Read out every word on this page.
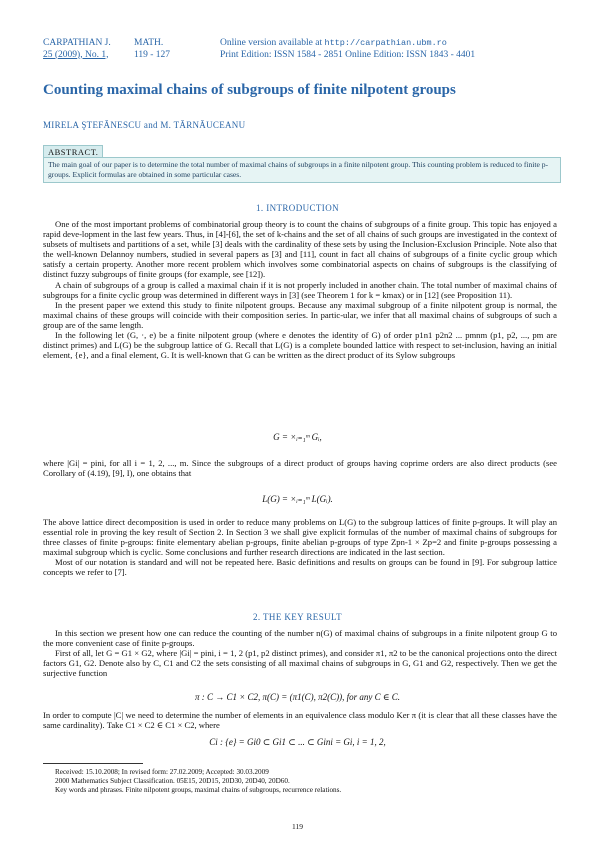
CARPATHIAN J.	MATH.
25 (2009), No. 1,	119 - 127
Online version available at http://carpathian.ubm.ro
Print Edition: ISSN 1584 - 2851 Online Edition: ISSN 1843 - 4401
Counting maximal chains of subgroups of finite nilpotent groups
MIRELA ŞTEFĂNESCU and M. TĂRNĂUCEANU
ABSTRACT.
The main goal of our paper is to determine the total number of maximal chains of subgroups in a finite nilpotent group. This counting problem is reduced to finite p-groups. Explicit formulas are obtained in some particular cases.
1. INTRODUCTION

One of the most important problems of combinatorial group theory is to count the chains of subgroups of a finite group. This topic has enjoyed a rapid deve-lopment in the last few years. Thus, in [4]-[6], the set of k-chains and the set of all chains of such groups are investigated in the context of subsets of multisets and partitions of a set, while [3] deals with the cardinality of these sets by using the Inclusion-Exclusion Principle. Note also that the well-known Delannoy numbers, studied in several papers as [3] and [11], count in fact all chains of subgroups of a finite cyclic group which satisfy a certain property. Another more recent problem which involves some combinatorial aspects on chains of subgroups is the classifying of distinct fuzzy subgroups of finite groups (for example, see [12]).

A chain of subgroups of a group is called a maximal chain if it is not properly included in another chain. The total number of maximal chains of subgroups for a finite cyclic group was determined in different ways in [3] (see Theorem 1 for k = kmax) or in [12] (see Proposition 11).

In the present paper we extend this study to finite nilpotent groups. Because any maximal subgroup of a finite nilpotent group is normal, the maximal chains of these groups will coincide with their composition series. In partic-ular, we infer that all maximal chains of subgroups of such a group are of the same length.

In the following let (G, ·, e) be a finite nilpotent group (where e denotes the identity of G) of order p1n1 p2n2 ... pmnm (p1, p2, ..., pm are distinct primes) and L(G) be the subgroup lattice of G. Recall that L(G) is a complete bounded lattice with respect to set-inclusion, having an initial element, {e}, and a final element, G. It is well-known that G can be written as the direct product of its Sylow subgroups

G = ×ᵢ₌₁ᵐ Gᵢ,

where |Gi| = pini, for all i = 1, 2, ..., m. Since the subgroups of a direct product of groups having coprime orders are also direct products (see Corollary of (4.19), [9], I), one obtains that

L(G) = ×ᵢ₌₁ᵐ L(Gᵢ).

The above lattice direct decomposition is used in order to reduce many problems on L(G) to the subgroup lattices of finite p-groups. It will play an essential role in proving the key result of Section 2. In Section 3 we shall give explicit formulas of the number of maximal chains of subgroups for three classes of finite p-groups: finite elementary abelian p-groups, finite abelian p-groups of type Zpn-1 × Zp=2 and finite p-groups possessing a maximal subgroup which is cyclic. Some conclusions and further research directions are indicated in the last section.

Most of our notation is standard and will not be repeated here. Basic definitions and results on groups can be found in [9]. For subgroup lattice concepts we refer to [7].

2. THE KEY RESULT

In this section we present how one can reduce the counting of the number n(G) of maximal chains of subgroups in a finite nilpotent group G to the more convenient case of finite p-groups.

First of all, let G = G1 × G2, where |Gi| = pini, i = 1, 2 (p1, p2 distinct primes), and consider π1, π2 to be the canonical projections onto the direct factors G1, G2. Denote also by C, C1 and C2 the sets consisting of all maximal chains of subgroups in G, G1 and G2, respectively. Then we get the surjective function

π : C → C1 × C2, π(C) = (π1(C), π2(C)), for any C ∈ C.

In order to compute |C| we need to determine the number of elements in an equivalence class modulo Ker π (it is clear that all these classes have the same cardinality). Take C1 × C2 ∈ C1 × C2, where

Ci : {e} = Gi0 ⊂ Gi1 ⊂ ... ⊂ Gini = Gi, i = 1, 2,
Received: 15.10.2008; In revised form: 27.02.2009; Accepted: 30.03.2009
2000 Mathematics Subject Classification. 05E15, 20D15, 20D30, 20D40, 20D60.
Key words and phrases. Finite nilpotent groups, maximal chains of subgroups, recurrence relations.
119
